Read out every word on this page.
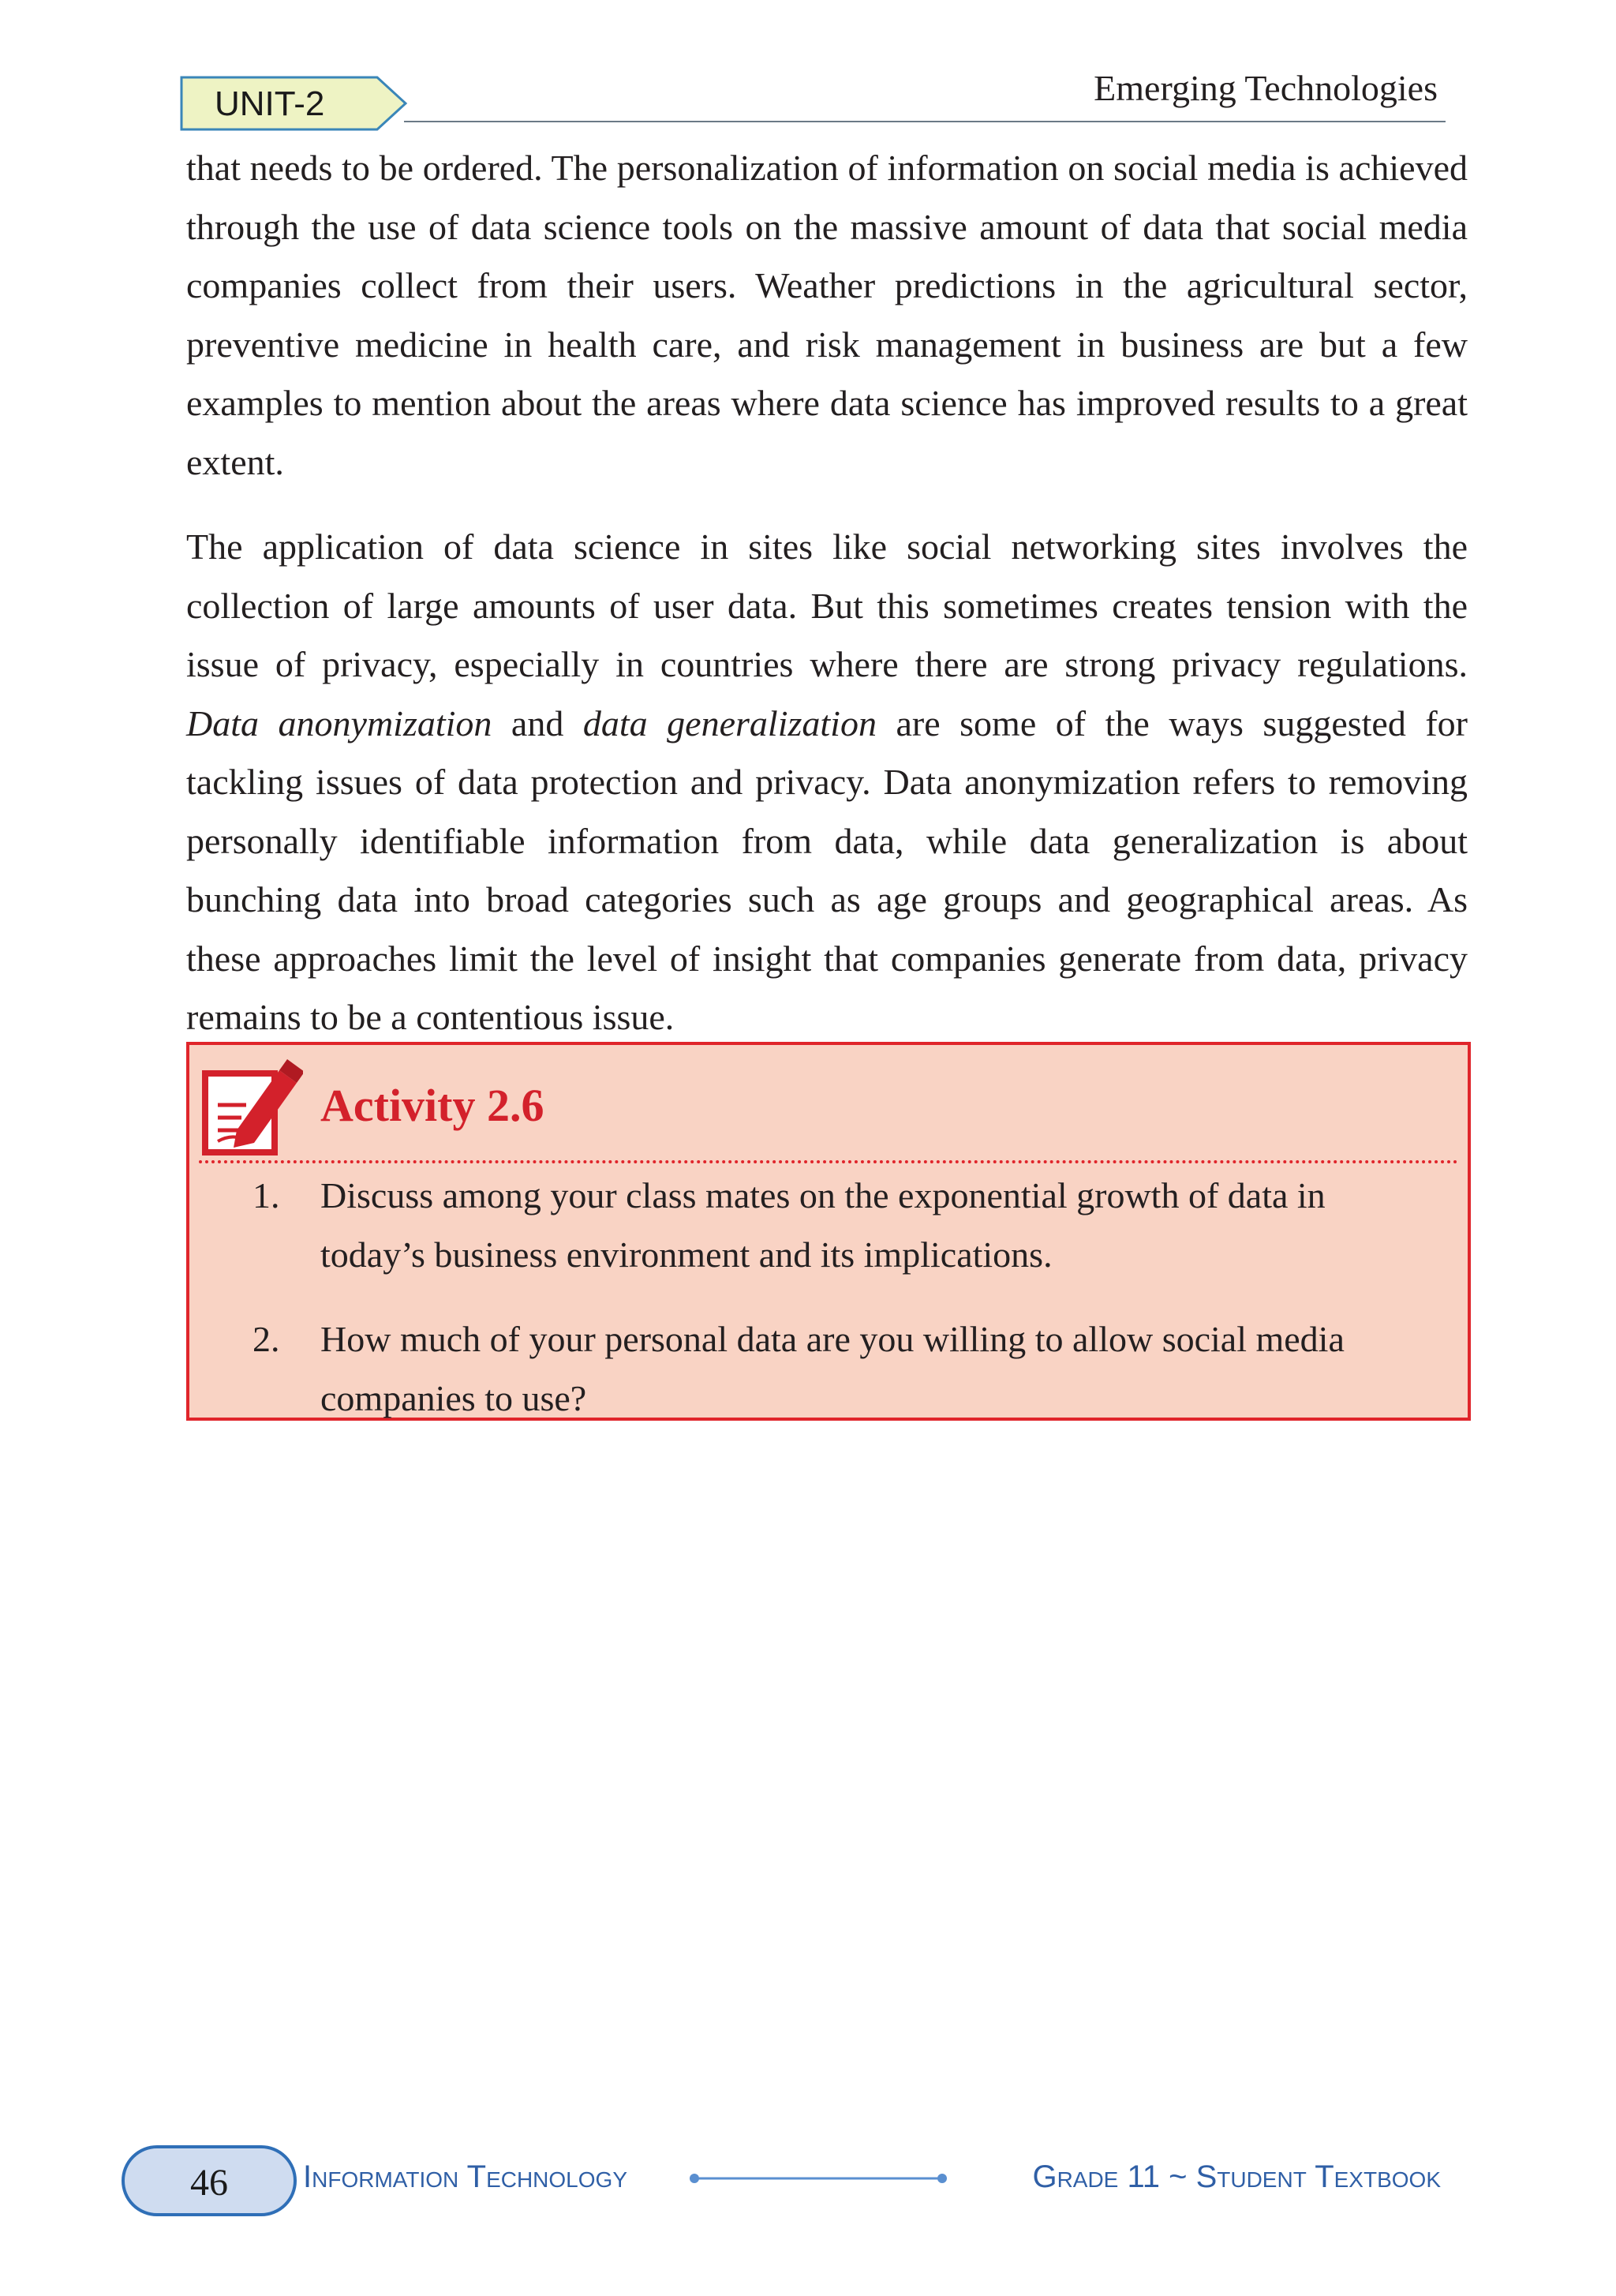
UNIT-2	Emerging Technologies

that needs to be ordered. The personalization of information on social media is achieved through the use of data science tools on the massive amount of data that social media companies collect from their users. Weather predictions in the agricultural sector, preventive medicine in health care, and risk management in business are but a few examples to mention about the areas where data science has improved results to a great extent.

The application of data science in sites like social networking sites involves the collection of large amounts of user data. But this sometimes creates tension with the issue of privacy, especially in countries where there are strong privacy regulations. Data anonymization and data generalization are some of the ways suggested for tackling issues of data protection and privacy. Data anonymization refers to removing personally identifiable information from data, while data generalization is about bunching data into broad categories such as age groups and geographical areas. As these approaches limit the level of insight that companies generate from data, privacy remains to be a contentious issue.

Activity 2.6
1. Discuss among your class mates on the exponential growth of data in today’s business environment and its implications.
2. How much of your personal data are you willing to allow social media companies to use?
46	Information Technology	Grade 11 ~ Student Textbook
